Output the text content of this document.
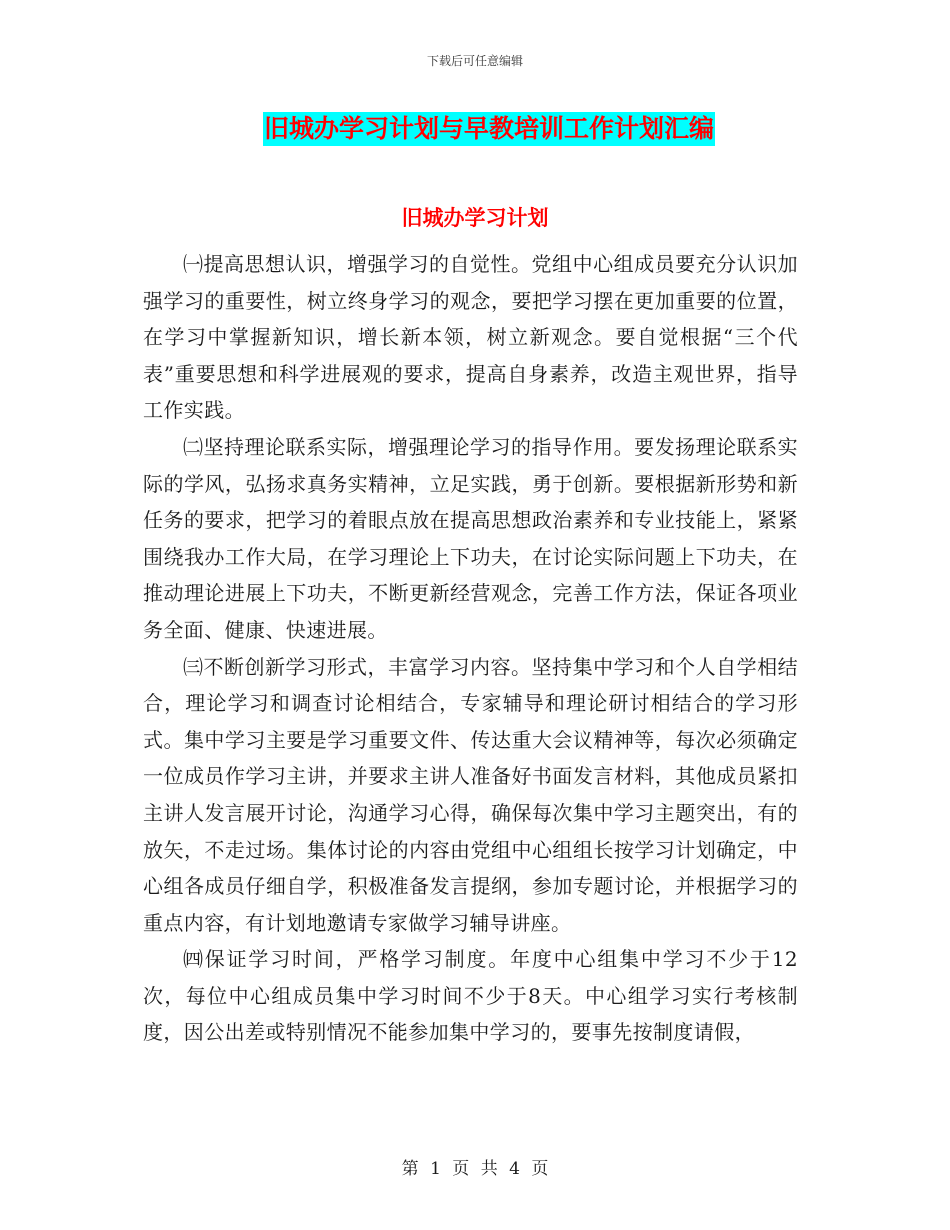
下载后可任意编辑
旧城办学习计划与早教培训工作计划汇编
旧城办学习计划

㈠提高思想认识，增强学习的自觉性。党组中心组成员要充分认识加强学习的重要性，树立终身学习的观念，要把学习摆在更加重要的位置，在学习中掌握新知识，增长新本领，树立新观念。要自觉根据“三个代表”重要思想和科学进展观的要求，提高自身素养，改造主观世界，指导工作实践。

㈡坚持理论联系实际，增强理论学习的指导作用。要发扬理论联系实际的学风，弘扬求真务实精神，立足实践，勇于创新。要根据新形势和新任务的要求，把学习的着眼点放在提高思想政治素养和专业技能上，紧紧围绕我办工作大局，在学习理论上下功夫，在讨论实际问题上下功夫，在推动理论进展上下功夫，不断更新经营观念，完善工作方法，保证各项业务全面、健康、快速进展。

㈢不断创新学习形式，丰富学习内容。坚持集中学习和个人自学相结合，理论学习和调查讨论相结合，专家辅导和理论研讨相结合的学习形式。集中学习主要是学习重要文件、传达重大会议精神等，每次必须确定一位成员作学习主讲，并要求主讲人准备好书面发言材料，其他成员紧扣主讲人发言展开讨论，沟通学习心得，确保每次集中学习主题突出，有的放矢，不走过场。集体讨论的内容由党组中心组组长按学习计划确定，中心组各成员仔细自学，积极准备发言提纲，参加专题讨论，并根据学习的重点内容，有计划地邀请专家做学习辅导讲座。

㈣保证学习时间，严格学习制度。年度中心组集中学习不少于12次，每位中心组成员集中学习时间不少于8天。中心组学习实行考核制度，因公出差或特别情况不能参加集中学习的，要事先按制度请假，

第 1 页 共 4 页
